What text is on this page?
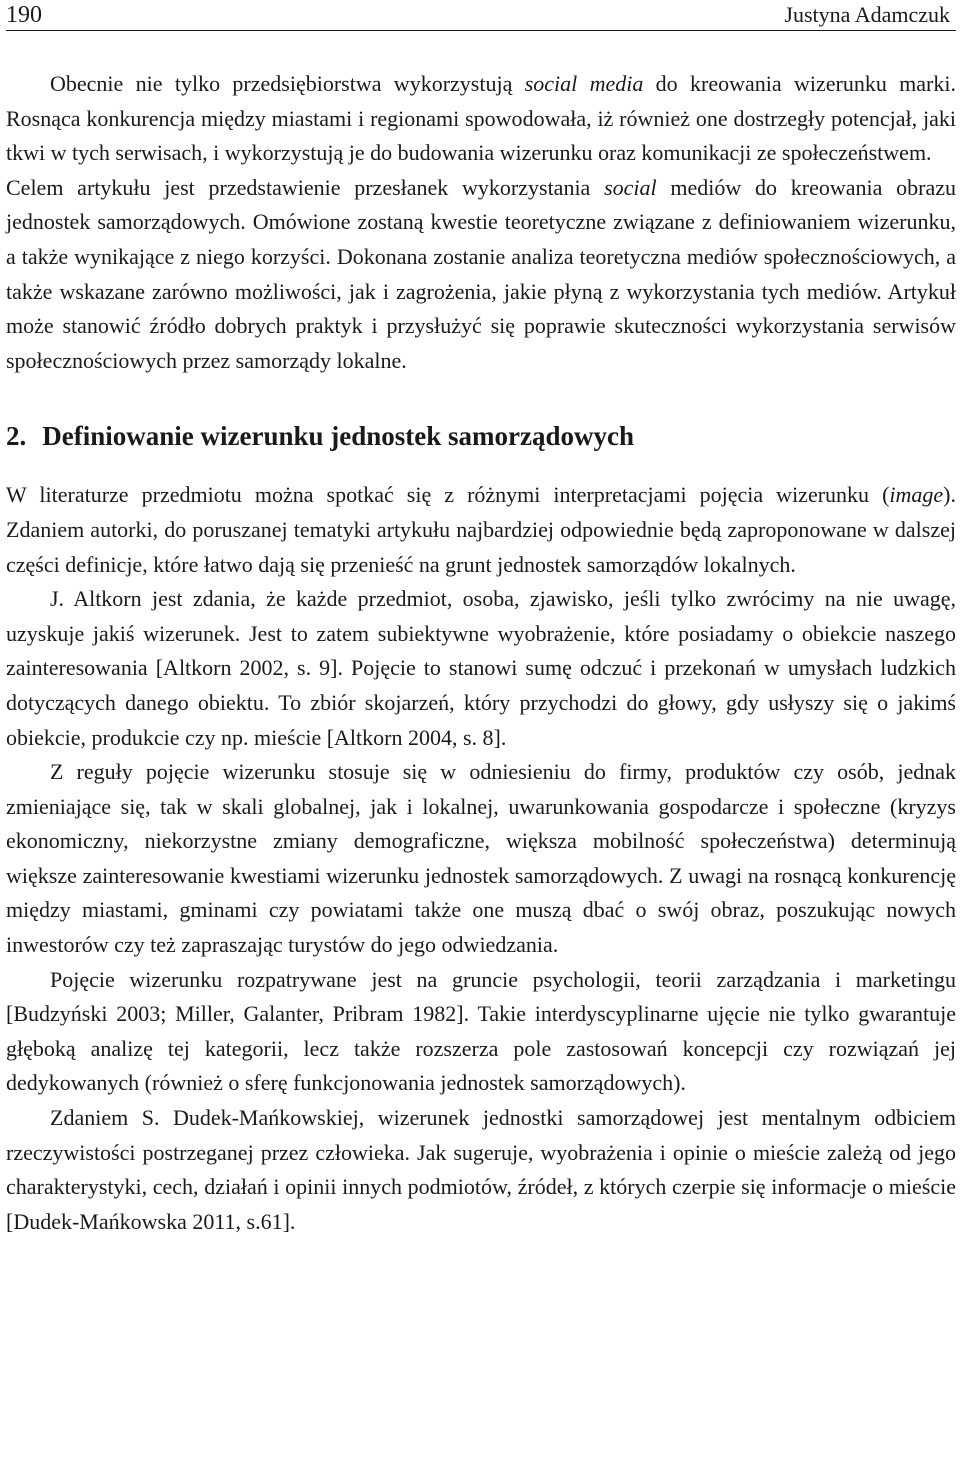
190	Justyna Adamczuk

Obecnie nie tylko przedsiębiorstwa wykorzystują social media do kreowania wizerunku marki. Rosnąca konkurencja między miastami i regionami spowodowała, iż również one dostrzegły potencjał, jaki tkwi w tych serwisach, i wykorzystują je do budowania wizerunku oraz komunikacji ze społeczeństwem.

Celem artykułu jest przedstawienie przesłanek wykorzystania social mediów do kreowania obrazu jednostek samorządowych. Omówione zostaną kwestie teoretyczne związane z definiowaniem wizerunku, a także wynikające z niego korzyści. Dokonana zostanie analiza teoretyczna mediów społecznościowych, a także wskazane zarówno możliwości, jak i zagrożenia, jakie płyną z wykorzystania tych mediów. Artykuł może stanowić źródło dobrych praktyk i przysłużyć się poprawie skuteczności wykorzystania serwisów społecznościowych przez samorządy lokalne.

2. Definiowanie wizerunku jednostek samorządowych

W literaturze przedmiotu można spotkać się z różnymi interpretacjami pojęcia wizerunku (image). Zdaniem autorki, do poruszanej tematyki artykułu najbardziej odpowiednie będą zaproponowane w dalszej części definicje, które łatwo dają się przenieść na grunt jednostek samorządów lokalnych.

J. Altkorn jest zdania, że każde przedmiot, osoba, zjawisko, jeśli tylko zwrócimy na nie uwagę, uzyskuje jakiś wizerunek. Jest to zatem subiektywne wyobrażenie, które posiadamy o obiekcie naszego zainteresowania [Altkorn 2002, s. 9]. Pojęcie to stanowi sumę odczuć i przekonań w umysłach ludzkich dotyczących danego obiektu. To zbiór skojarzeń, który przychodzi do głowy, gdy usłyszy się o jakimś obiekcie, produkcie czy np. mieście [Altkorn 2004, s. 8].

Z reguły pojęcie wizerunku stosuje się w odniesieniu do firmy, produktów czy osób, jednak zmieniające się, tak w skali globalnej, jak i lokalnej, uwarunkowania gospodarcze i społeczne (kryzys ekonomiczny, niekorzystne zmiany demograficzne, większa mobilność społeczeństwa) determinują większe zainteresowanie kwestiami wizerunku jednostek samorządowych. Z uwagi na rosnącą konkurencję między miastami, gminami czy powiatami także one muszą dbać o swój obraz, poszukując nowych inwestorów czy też zapraszając turystów do jego odwiedzania.

Pojęcie wizerunku rozpatrywane jest na gruncie psychologii, teorii zarządzania i marketingu [Budzyński 2003; Miller, Galanter, Pribram 1982]. Takie interdyscyplinarne ujęcie nie tylko gwarantuje głęboką analizę tej kategorii, lecz także rozszerza pole zastosowań koncepcji czy rozwiązań jej dedykowanych (również o sferę funkcjonowania jednostek samorządowych).

Zdaniem S. Dudek-Mańkowskiej, wizerunek jednostki samorządowej jest mentalnym odbiciem rzeczywistości postrzeganej przez człowieka. Jak sugeruje, wyobrażenia i opinie o mieście zależą od jego charakterystyki, cech, działań i opinii innych podmiotów, źródeł, z których czerpie się informacje o mieście [Dudek-Mańkowska 2011, s.61].
